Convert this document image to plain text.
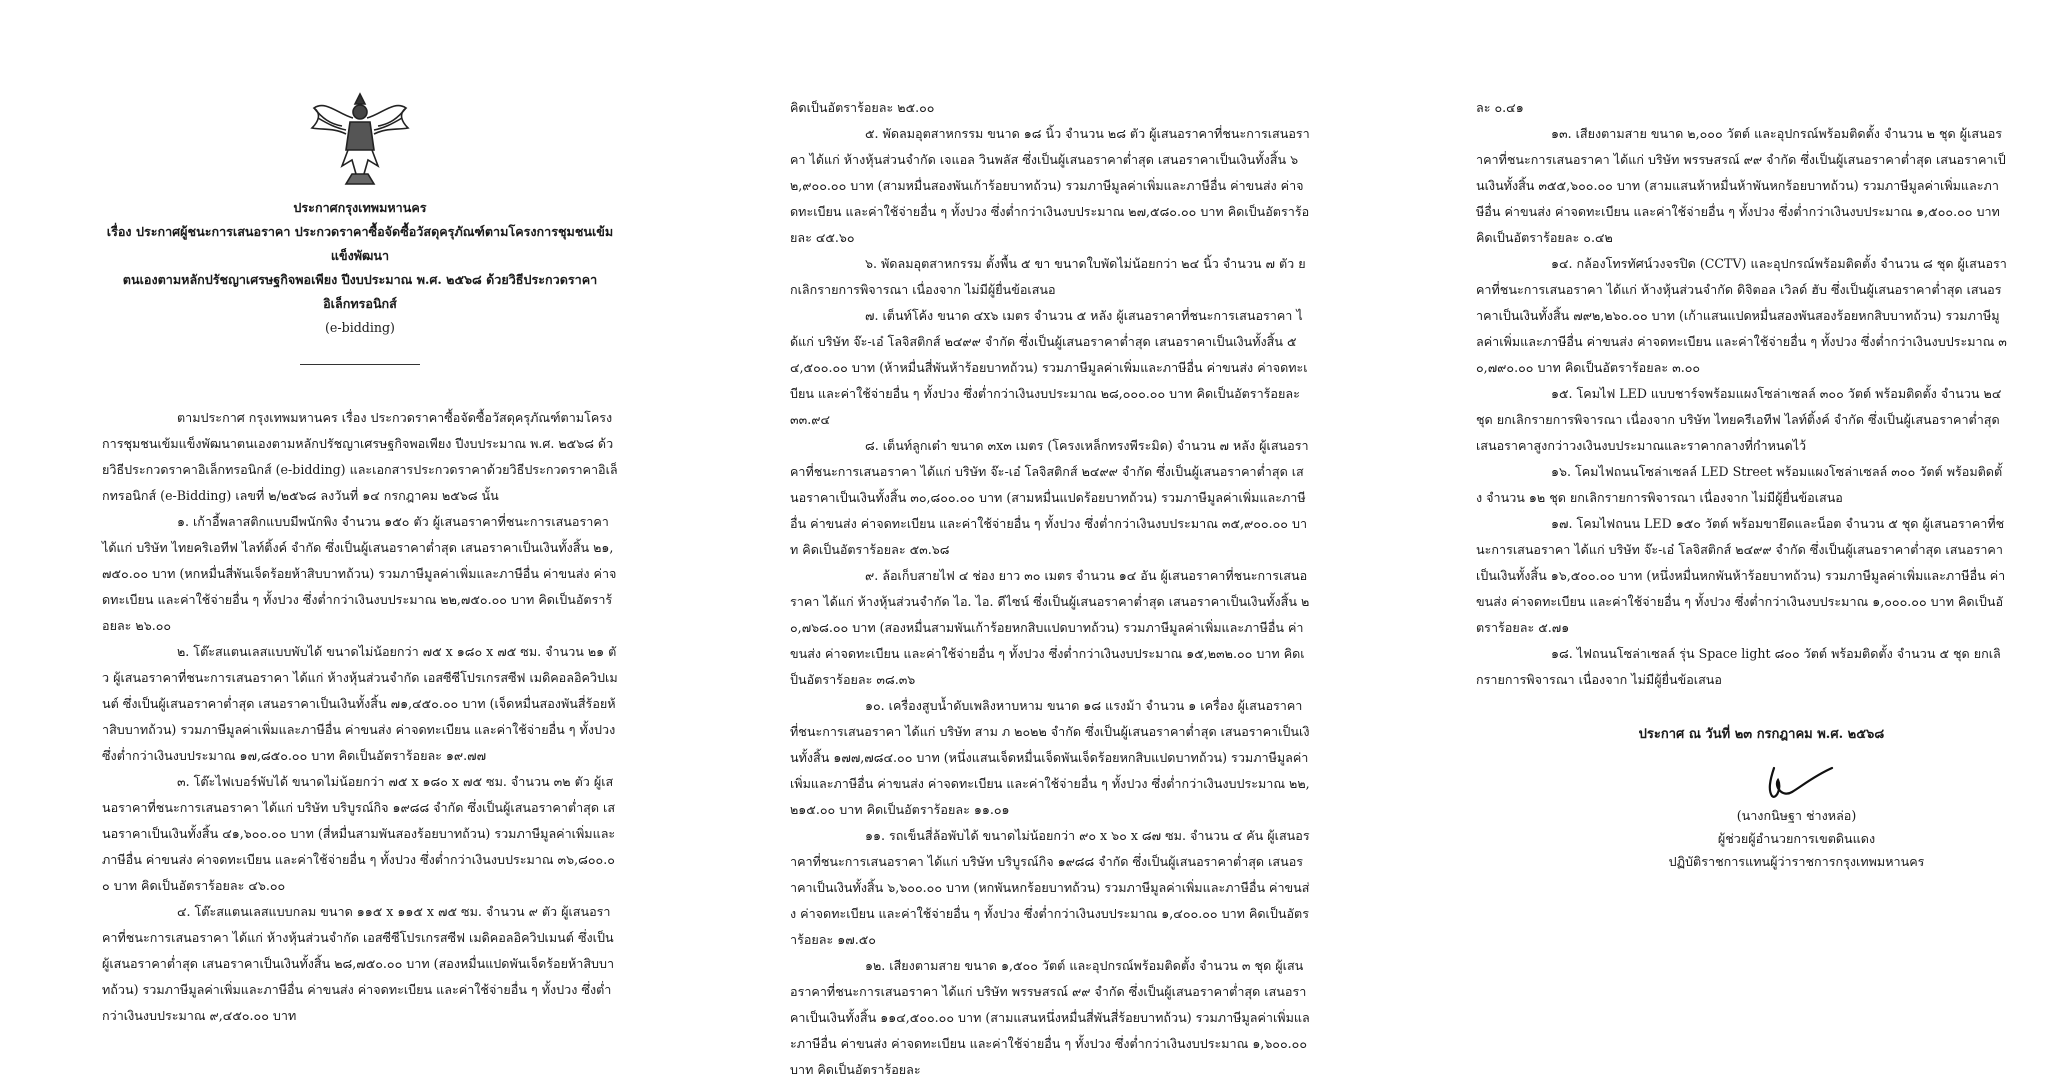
ประกาศกรุงเทพมหานคร

เรื่อง ประกาศผู้ชนะการเสนอราคา ประกวดราคาซื้อจัดซื้อวัสดุครุภัณฑ์ตามโครงการชุมชนเข้มแข็งพัฒนา

ตนเองตามหลักปรัชญาเศรษฐกิจพอเพียง ปีงบประมาณ พ.ศ. ๒๕๖๘ ด้วยวิธีประกวดราคาอิเล็กทรอนิกส์

(e-bidding)

ตามประกาศ กรุงเทพมหานคร เรื่อง ประกวดราคาซื้อจัดซื้อวัสดุครุภัณฑ์ตามโครงการชุมชนเข้มแข็งพัฒนาตนเองตามหลักปรัชญาเศรษฐกิจพอเพียง ปีงบประมาณ พ.ศ. ๒๕๖๘ ด้วยวิธีประกวดราคาอิเล็กทรอนิกส์ (e-bidding) และเอกสารประกวดราคาด้วยวิธีประกวดราคาอิเล็กทรอนิกส์ (e-Bidding) เลขที่ ๒/๒๕๖๘ ลงวันที่ ๑๔ กรกฎาคม ๒๕๖๘ นั้น

๑. เก้าอี้พลาสติกแบบมีพนักพิง จำนวน ๑๕๐ ตัว ผู้เสนอราคาที่ชนะการเสนอราคา ได้แก่ บริษัท ไทยคริเอทีฟ ไลท์ติ้งค์ จำกัด ซึ่งเป็นผู้เสนอราคาต่ำสุด เสนอราคาเป็นเงินทั้งสิ้น ๒๑,๗๕๐.๐๐ บาท (หกหมื่นสี่พันเจ็ดร้อยห้าสิบบาทถ้วน) รวมภาษีมูลค่าเพิ่มและภาษีอื่น ค่าขนส่ง ค่าจดทะเบียน และค่าใช้จ่ายอื่น ๆ ทั้งปวง ซึ่งต่ำกว่าเงินงบประมาณ ๒๒,๗๕๐.๐๐ บาท คิดเป็นอัตราร้อยละ ๒๖.๐๐

๒. โต๊ะสแตนเลสแบบพับได้ ขนาดไม่น้อยกว่า ๗๕ x ๑๘๐ x ๗๕ ซม. จำนวน ๒๑ ตัว ผู้เสนอราคาที่ชนะการเสนอราคา ได้แก่ ห้างหุ้นส่วนจำกัด เอสซีซีโปรเกรสซีฟ เมดิคอลอิควิปเมนต์ ซึ่งเป็นผู้เสนอราคาต่ำสุด เสนอราคาเป็นเงินทั้งสิ้น ๗๑,๔๕๐.๐๐ บาท (เจ็ดหมื่นสองพันสี่ร้อยห้าสิบบาทถ้วน) รวมภาษีมูลค่าเพิ่มและภาษีอื่น ค่าขนส่ง ค่าจดทะเบียน และค่าใช้จ่ายอื่น ๆ ทั้งปวง ซึ่งต่ำกว่าเงินงบประมาณ ๑๗,๘๕๐.๐๐ บาท คิดเป็นอัตราร้อยละ ๑๙.๗๗

๓. โต๊ะไฟเบอร์พับได้ ขนาดไม่น้อยกว่า ๗๕ x ๑๘๐ x ๗๕ ซม. จำนวน ๓๒ ตัว ผู้เสนอราคาที่ชนะการเสนอราคา ได้แก่ บริษัท บริบูรณ์กิจ ๑๙๘๘ จำกัด ซึ่งเป็นผู้เสนอราคาต่ำสุด เสนอราคาเป็นเงินทั้งสิ้น ๔๑,๖๐๐.๐๐ บาท (สี่หมื่นสามพันสองร้อยบาทถ้วน) รวมภาษีมูลค่าเพิ่มและภาษีอื่น ค่าขนส่ง ค่าจดทะเบียน และค่าใช้จ่ายอื่น ๆ ทั้งปวง ซึ่งต่ำกว่าเงินงบประมาณ ๓๖,๘๐๐.๐๐ บาท คิดเป็นอัตราร้อยละ ๔๖.๐๐

๔. โต๊ะสแตนเลสแบบกลม ขนาด ๑๑๕ x ๑๑๕ x ๗๕ ซม. จำนวน ๙ ตัว ผู้เสนอราคาที่ชนะการเสนอราคา ได้แก่ ห้างหุ้นส่วนจำกัด เอสซีซีโปรเกรสซีฟ เมดิคอลอิควิปเมนต์ ซึ่งเป็นผู้เสนอราคาต่ำสุด เสนอราคาเป็นเงินทั้งสิ้น ๒๘,๗๕๐.๐๐ บาท (สองหมื่นแปดพันเจ็ดร้อยห้าสิบบาทถ้วน) รวมภาษีมูลค่าเพิ่มและภาษีอื่น ค่าขนส่ง ค่าจดทะเบียน และค่าใช้จ่ายอื่น ๆ ทั้งปวง ซึ่งต่ำกว่าเงินงบประมาณ ๙,๔๕๐.๐๐ บาท

คิดเป็นอัตราร้อยละ ๒๕.๐๐

๕. พัดลมอุตสาหกรรม ขนาด ๑๘ นิ้ว จำนวน ๒๘ ตัว ผู้เสนอราคาที่ชนะการเสนอราคา ได้แก่ ห้างหุ้นส่วนจำกัด เจแอล วินพลัส ซึ่งเป็นผู้เสนอราคาต่ำสุด เสนอราคาเป็นเงินทั้งสิ้น ๖๒,๙๐๐.๐๐ บาท (สามหมื่นสองพันเก้าร้อยบาทถ้วน) รวมภาษีมูลค่าเพิ่มและภาษีอื่น ค่าขนส่ง ค่าจดทะเบียน และค่าใช้จ่ายอื่น ๆ ทั้งปวง ซึ่งต่ำกว่าเงินงบประมาณ ๒๗,๕๘๐.๐๐ บาท คิดเป็นอัตราร้อยละ ๔๕.๖๐

๖. พัดลมอุตสาหกรรม ตั้งพื้น ๕ ขา ขนาดใบพัดไม่น้อยกว่า ๒๔ นิ้ว จำนวน ๗ ตัว ยกเลิกรายการพิจารณา เนื่องจาก ไม่มีผู้ยื่นข้อเสนอ

๗. เต็นท์โค้ง ขนาด ๔x๖ เมตร จำนวน ๕ หลัง ผู้เสนอราคาที่ชนะการเสนอราคา ได้แก่ บริษัท จ๊ะ-เอ๋ โลจิสติกส์ ๒๔๙๙ จำกัด ซึ่งเป็นผู้เสนอราคาต่ำสุด เสนอราคาเป็นเงินทั้งสิ้น ๕๔,๕๐๐.๐๐ บาท (ห้าหมื่นสี่พันห้าร้อยบาทถ้วน) รวมภาษีมูลค่าเพิ่มและภาษีอื่น ค่าขนส่ง ค่าจดทะเบียน และค่าใช้จ่ายอื่น ๆ ทั้งปวง ซึ่งต่ำกว่าเงินงบประมาณ ๒๘,๐๐๐.๐๐ บาท คิดเป็นอัตราร้อยละ ๓๓.๙๔

๘. เต็นท์ลูกเต๋า ขนาด ๓x๓ เมตร (โครงเหล็กทรงพีระมิด) จำนวน ๗ หลัง ผู้เสนอราคาที่ชนะการเสนอราคา ได้แก่ บริษัท จ๊ะ-เอ๋ โลจิสติกส์ ๒๔๙๙ จำกัด ซึ่งเป็นผู้เสนอราคาต่ำสุด เสนอราคาเป็นเงินทั้งสิ้น ๓๐,๘๐๐.๐๐ บาท (สามหมื่นแปดร้อยบาทถ้วน) รวมภาษีมูลค่าเพิ่มและภาษีอื่น ค่าขนส่ง ค่าจดทะเบียน และค่าใช้จ่ายอื่น ๆ ทั้งปวง ซึ่งต่ำกว่าเงินงบประมาณ ๓๕,๙๐๐.๐๐ บาท คิดเป็นอัตราร้อยละ ๕๓.๖๘

๙. ล้อเก็บสายไฟ ๔ ช่อง ยาว ๓๐ เมตร จำนวน ๑๔ อัน ผู้เสนอราคาที่ชนะการเสนอราคา ได้แก่ ห้างหุ้นส่วนจำกัด ไอ. ไอ. ดีไซน์ ซึ่งเป็นผู้เสนอราคาต่ำสุด เสนอราคาเป็นเงินทั้งสิ้น ๒๐,๗๖๘.๐๐ บาท (สองหมื่นสามพันเก้าร้อยหกสิบแปดบาทถ้วน) รวมภาษีมูลค่าเพิ่มและภาษีอื่น ค่าขนส่ง ค่าจดทะเบียน และค่าใช้จ่ายอื่น ๆ ทั้งปวง ซึ่งต่ำกว่าเงินงบประมาณ ๑๕,๒๓๒.๐๐ บาท คิดเป็นอัตราร้อยละ ๓๘.๓๖

๑๐. เครื่องสูบน้ำดับเพลิงหาบหาม ขนาด ๑๘ แรงม้า จำนวน ๑ เครื่อง ผู้เสนอราคาที่ชนะการเสนอราคา ได้แก่ บริษัท สาม ภ ๒๐๒๒ จำกัด ซึ่งเป็นผู้เสนอราคาต่ำสุด เสนอราคาเป็นเงินทั้งสิ้น ๑๗๗,๗๘๔.๐๐ บาท (หนึ่งแสนเจ็ดหมื่นเจ็ดพันเจ็ดร้อยหกสิบแปดบาทถ้วน) รวมภาษีมูลค่าเพิ่มและภาษีอื่น ค่าขนส่ง ค่าจดทะเบียน และค่าใช้จ่ายอื่น ๆ ทั้งปวง ซึ่งต่ำกว่าเงินงบประมาณ ๒๒,๒๑๕.๐๐ บาท คิดเป็นอัตราร้อยละ ๑๑.๐๑

๑๑. รถเข็นสี่ล้อพับได้ ขนาดไม่น้อยกว่า ๙๐ x ๖๐ x ๘๗ ซม. จำนวน ๔ คัน ผู้เสนอราคาที่ชนะการเสนอราคา ได้แก่ บริษัท บริบูรณ์กิจ ๑๙๘๘ จำกัด ซึ่งเป็นผู้เสนอราคาต่ำสุด เสนอราคาเป็นเงินทั้งสิ้น ๖,๖๐๐.๐๐ บาท (หกพันหกร้อยบาทถ้วน) รวมภาษีมูลค่าเพิ่มและภาษีอื่น ค่าขนส่ง ค่าจดทะเบียน และค่าใช้จ่ายอื่น ๆ ทั้งปวง ซึ่งต่ำกว่าเงินงบประมาณ ๑,๔๐๐.๐๐ บาท คิดเป็นอัตราร้อยละ ๑๗.๕๐

๑๒. เสียงตามสาย ขนาด ๑,๕๐๐ วัตต์ และอุปกรณ์พร้อมติดตั้ง จำนวน ๓ ชุด ผู้เสนอราคาที่ชนะการเสนอราคา ได้แก่ บริษัท พรรษสรณ์ ๙๙ จำกัด ซึ่งเป็นผู้เสนอราคาต่ำสุด เสนอราคาเป็นเงินทั้งสิ้น ๑๑๔,๕๐๐.๐๐ บาท (สามแสนหนึ่งหมื่นสี่พันสี่ร้อยบาทถ้วน) รวมภาษีมูลค่าเพิ่มและภาษีอื่น ค่าขนส่ง ค่าจดทะเบียน และค่าใช้จ่ายอื่น ๆ ทั้งปวง ซึ่งต่ำกว่าเงินงบประมาณ ๑,๖๐๐.๐๐ บาท คิดเป็นอัตราร้อยละ

ละ ๐.๔๑

๑๓. เสียงตามสาย ขนาด ๒,๐๐๐ วัตต์ และอุปกรณ์พร้อมติดตั้ง จำนวน ๒ ชุด ผู้เสนอราคาที่ชนะการเสนอราคา ได้แก่ บริษัท พรรษสรณ์ ๙๙ จำกัด ซึ่งเป็นผู้เสนอราคาต่ำสุด เสนอราคาเป็นเงินทั้งสิ้น ๓๕๕,๖๐๐.๐๐ บาท (สามแสนห้าหมื่นห้าพันหกร้อยบาทถ้วน) รวมภาษีมูลค่าเพิ่มและภาษีอื่น ค่าขนส่ง ค่าจดทะเบียน และค่าใช้จ่ายอื่น ๆ ทั้งปวง ซึ่งต่ำกว่าเงินงบประมาณ ๑,๕๐๐.๐๐ บาท คิดเป็นอัตราร้อยละ ๐.๔๒

๑๔. กล้องโทรทัศน์วงจรปิด (CCTV) และอุปกรณ์พร้อมติดตั้ง จำนวน ๘ ชุด ผู้เสนอราคาที่ชนะการเสนอราคา ได้แก่ ห้างหุ้นส่วนจำกัด ดิจิตอล เวิลด์ ฮับ ซึ่งเป็นผู้เสนอราคาต่ำสุด เสนอราคาเป็นเงินทั้งสิ้น ๗๙๒,๒๖๐.๐๐ บาท (เก้าแสนแปดหมื่นสองพันสองร้อยหกสิบบาทถ้วน) รวมภาษีมูลค่าเพิ่มและภาษีอื่น ค่าขนส่ง ค่าจดทะเบียน และค่าใช้จ่ายอื่น ๆ ทั้งปวง ซึ่งต่ำกว่าเงินงบประมาณ ๓๐,๗๙๐.๐๐ บาท คิดเป็นอัตราร้อยละ ๓.๐๐

๑๕. โคมไฟ LED แบบชาร์จพร้อมแผงโซล่าเซลล์ ๓๐๐ วัตต์ พร้อมติดตั้ง จำนวน ๒๔ ชุด ยกเลิกรายการพิจารณา เนื่องจาก บริษัท ไทยครีเอทีฟ ไลท์ติ้งค์ จำกัด ซึ่งเป็นผู้เสนอราคาต่ำสุด เสนอราคาสูงกว่าวงเงินงบประมาณและราคากลางที่กำหนดไว้

๑๖. โคมไฟถนนโซล่าเซลล์ LED Street พร้อมแผงโซล่าเซลล์ ๓๐๐ วัตต์ พร้อมติดตั้ง จำนวน ๑๒ ชุด ยกเลิกรายการพิจารณา เนื่องจาก ไม่มีผู้ยื่นข้อเสนอ

๑๗. โคมไฟถนน LED ๑๕๐ วัตต์ พร้อมขายึดและน็อต จำนวน ๕ ชุด ผู้เสนอราคาที่ชนะการเสนอราคา ได้แก่ บริษัท จ๊ะ-เอ๋ โลจิสติกส์ ๒๔๙๙ จำกัด ซึ่งเป็นผู้เสนอราคาต่ำสุด เสนอราคาเป็นเงินทั้งสิ้น ๑๖,๕๐๐.๐๐ บาท (หนึ่งหมื่นหกพันห้าร้อยบาทถ้วน) รวมภาษีมูลค่าเพิ่มและภาษีอื่น ค่าขนส่ง ค่าจดทะเบียน และค่าใช้จ่ายอื่น ๆ ทั้งปวง ซึ่งต่ำกว่าเงินงบประมาณ ๑,๐๐๐.๐๐ บาท คิดเป็นอัตราร้อยละ ๕.๗๑

๑๘. ไฟถนนโซล่าเซลล์ รุ่น Space light ๘๐๐ วัตต์ พร้อมติดตั้ง จำนวน ๕ ชุด ยกเลิกรายการพิจารณา เนื่องจาก ไม่มีผู้ยื่นข้อเสนอ

ประกาศ ณ วันที่ ๒๓ กรกฎาคม พ.ศ. ๒๕๖๘

(นางกนิษฐา ช่างหล่อ)

ผู้ช่วยผู้อำนวยการเขตดินแดง

ปฏิบัติราชการแทนผู้ว่าราชการกรุงเทพมหานคร
